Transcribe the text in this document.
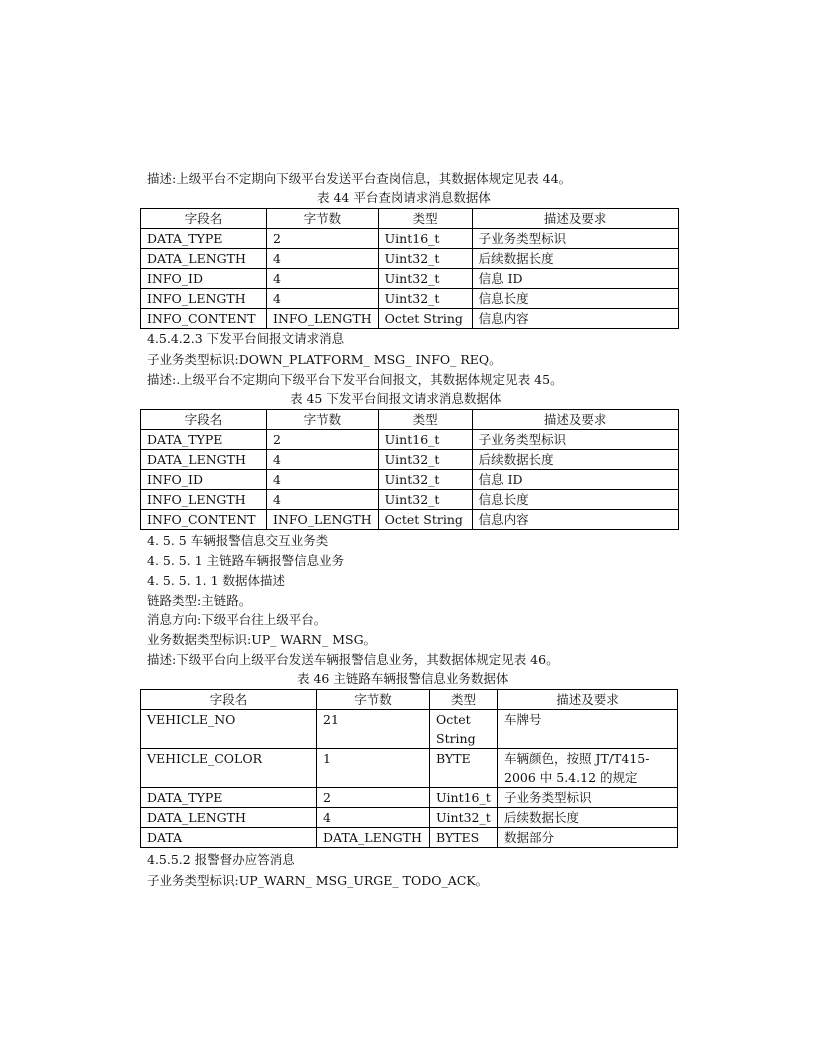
描述:上级平台不定期向下级平台发送平台查岗信息，其数据体规定见表 44。
表 44 平台查岗请求消息数据体
字段名	字节数	类型	描述及要求
DATA_TYPE	2	Uint16_t	子业务类型标识
DATA_LENGTH	4	Uint32_t	后续数据长度
INFO_ID	4	Uint32_t	信息 ID
INFO_LENGTH	4	Uint32_t	信息长度
INFO_CONTENT	INFO_LENGTH	Octet String	信息内容
4.5.4.2.3 下发平台间报文请求消息
子业务类型标识:DOWN_PLATFORM_ MSG_ INFO_ REQ。
描述:.上级平台不定期向下级平台下发平台间报文，其数据体规定见表 45。
表 45 下发平台间报文请求消息数据体
字段名	字节数	类型	描述及要求
DATA_TYPE	2	Uint16_t	子业务类型标识
DATA_LENGTH	4	Uint32_t	后续数据长度
INFO_ID	4	Uint32_t	信息 ID
INFO_LENGTH	4	Uint32_t	信息长度
INFO_CONTENT	INFO_LENGTH	Octet String	信息内容
4. 5. 5 车辆报警信息交互业务类
4. 5. 5. 1 主链路车辆报警信息业务
4. 5. 5. 1. 1 数据体描述
链路类型:主链路。
消息方向:下级平台往上级平台。
业务数据类型标识:UP_ WARN_ MSG。
描述:下级平台向上级平台发送车辆报警信息业务，其数据体规定见表 46。
表 46 主链路车辆报警信息业务数据体
字段名	字节数	类型	描述及要求
VEHICLE_NO	21	Octet String	车牌号
VEHICLE_COLOR	1	BYTE	车辆颜色，按照 JT/T415-2006 中 5.4.12 的规定
DATA_TYPE	2	Uint16_t	子业务类型标识
DATA_LENGTH	4	Uint32_t	后续数据长度
DATA	DATA_LENGTH	BYTES	数据部分
4.5.5.2 报警督办应答消息
子业务类型标识:UP_WARN_ MSG_URGE_ TODO_ACK。
